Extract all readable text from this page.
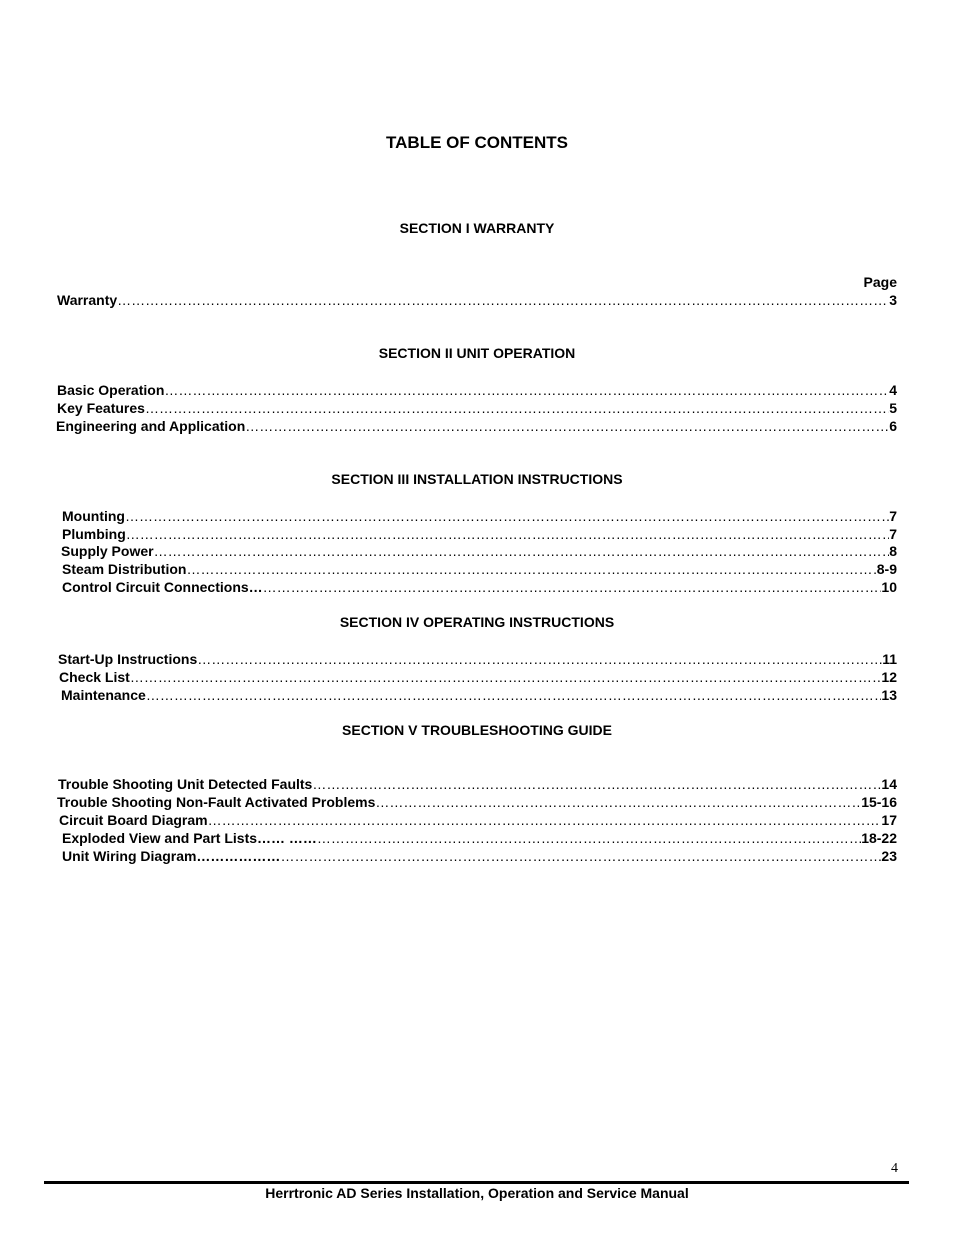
TABLE OF CONTENTS
SECTION I WARRANTY
Page
Warranty ……………………………………………………………………………………………………………………………………………………………………………………………………………………	3
SECTION II UNIT OPERATION
Basic Operation ……………………………………………………………………………………………………………………………………………………………………………………………………………………	4
Key Features ……………………………………………………………………………………………………………………………………………………………………………………………………………………	5
Engineering and Application ……………………………………………………………………………………………………………………………………………………………………………………………………………………	6
SECTION III INSTALLATION INSTRUCTIONS
Mounting ……………………………………………………………………………………………………………………………………………………………………………………………………………………	7
Plumbing ……………………………………………………………………………………………………………………………………………………………………………………………………………………	7
Supply Power ……………………………………………………………………………………………………………………………………………………………………………………………………………………	8
Steam Distribution ……………………………………………………………………………………………………………………………………………………………………………………………………………………	8-9
Control Circuit Connections… ……………………………………………………………………………………………………………………………………………………………………………………………………………………	10
SECTION IV OPERATING INSTRUCTIONS
Start-Up Instructions ……………………………………………………………………………………………………………………………………………………………………………………………………………………	11
Check List ……………………………………………………………………………………………………………………………………………………………………………………………………………………	12
Maintenance ……………………………………………………………………………………………………………………………………………………………………………………………………………………	13
SECTION V TROUBLESHOOTING GUIDE
Trouble Shooting Unit Detected Faults ……………………………………………………………………………………………………………………………………………………………………………………………………………………	14
Trouble Shooting Non-Fault Activated Problems ……………………………………………………………………………………………………………………………………………………………………………………………………………………	15-16
Circuit Board Diagram ……………………………………………………………………………………………………………………………………………………………………………………………………………………	17
Exploded View and Part Lists…… …… ……………………………………………………………………………………………………………………………………………………………………………………………………………………	18-22
Unit Wiring Diagram……………… ……………………………………………………………………………………………………………………………………………………………………………………………………………………	23
4
Herrtronic AD Series Installation, Operation and Service Manual
